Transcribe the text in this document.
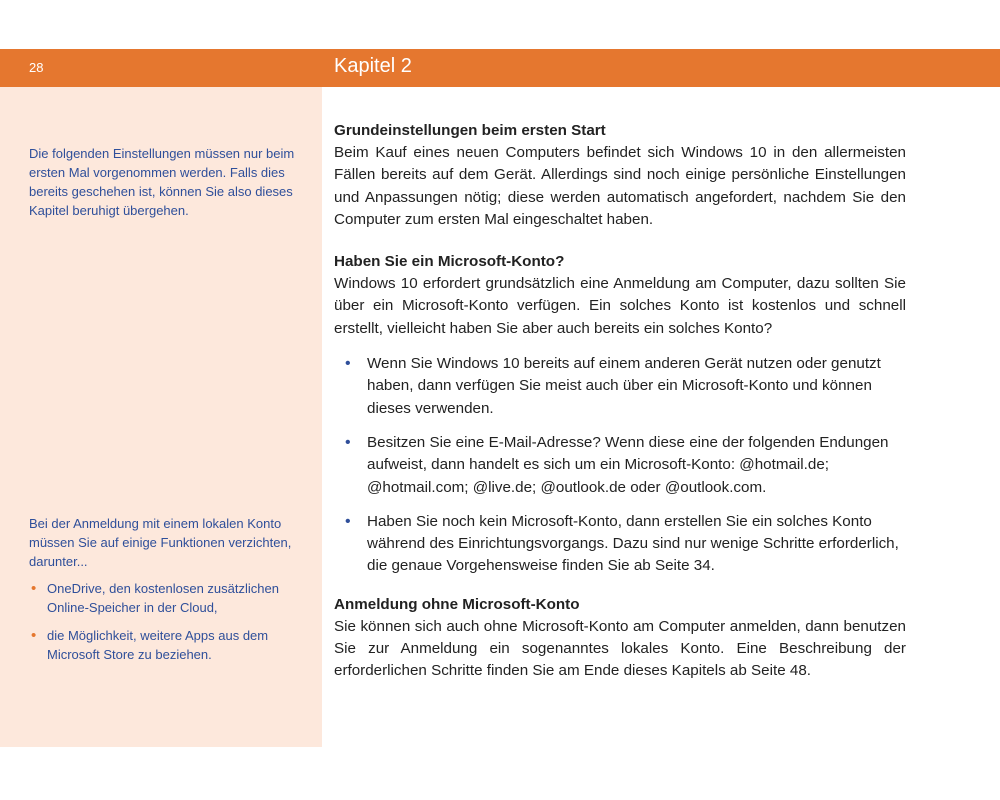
28	Kapitel 2

Die folgenden Einstellungen müssen nur beim ersten Mal vorgenommen werden. Falls dies bereits geschehen ist, können Sie also dieses Kapitel beruhigt übergehen.

Bei der Anmeldung mit einem lokalen Konto müssen Sie auf einige Funktionen verzichten, darunter...

• OneDrive, den kostenlosen zusätzlichen Online-Speicher in der Cloud,
• die Möglichkeit, weitere Apps aus dem Microsoft Store zu beziehen.
Grundeinstellungen beim ersten Start

Beim Kauf eines neuen Computers befindet sich Windows 10 in den allermeisten Fällen bereits auf dem Gerät. Allerdings sind noch einige persönliche Einstellungen und Anpassungen nötig; diese werden automatisch angefordert, nachdem Sie den Computer zum ersten Mal eingeschaltet haben.

Haben Sie ein Microsoft-Konto?

Windows 10 erfordert grundsätzlich eine Anmeldung am Computer, dazu sollten Sie über ein Microsoft-Konto verfügen. Ein solches Konto ist kostenlos und schnell erstellt, vielleicht haben Sie aber auch bereits ein solches Konto?

• Wenn Sie Windows 10 bereits auf einem anderen Gerät nutzen oder genutzt haben, dann verfügen Sie meist auch über ein Microsoft-Konto und können dieses verwenden.
• Besitzen Sie eine E-Mail-Adresse? Wenn diese eine der folgenden Endungen aufweist, dann handelt es sich um ein Microsoft-Konto: @hotmail.de; @hotmail.com; @live.de; @outlook.de oder @outlook.com.
• Haben Sie noch kein Microsoft-Konto, dann erstellen Sie ein solches Konto während des Einrichtungsvorgangs. Dazu sind nur wenige Schritte erforderlich, die genaue Vorgehensweise finden Sie ab Seite 34.
Anmeldung ohne Microsoft-Konto

Sie können sich auch ohne Microsoft-Konto am Computer anmelden, dann benutzen Sie zur Anmeldung ein sogenanntes lokales Konto. Eine Beschreibung der erforderlichen Schritte finden Sie am Ende dieses Kapitels ab Seite 48.
